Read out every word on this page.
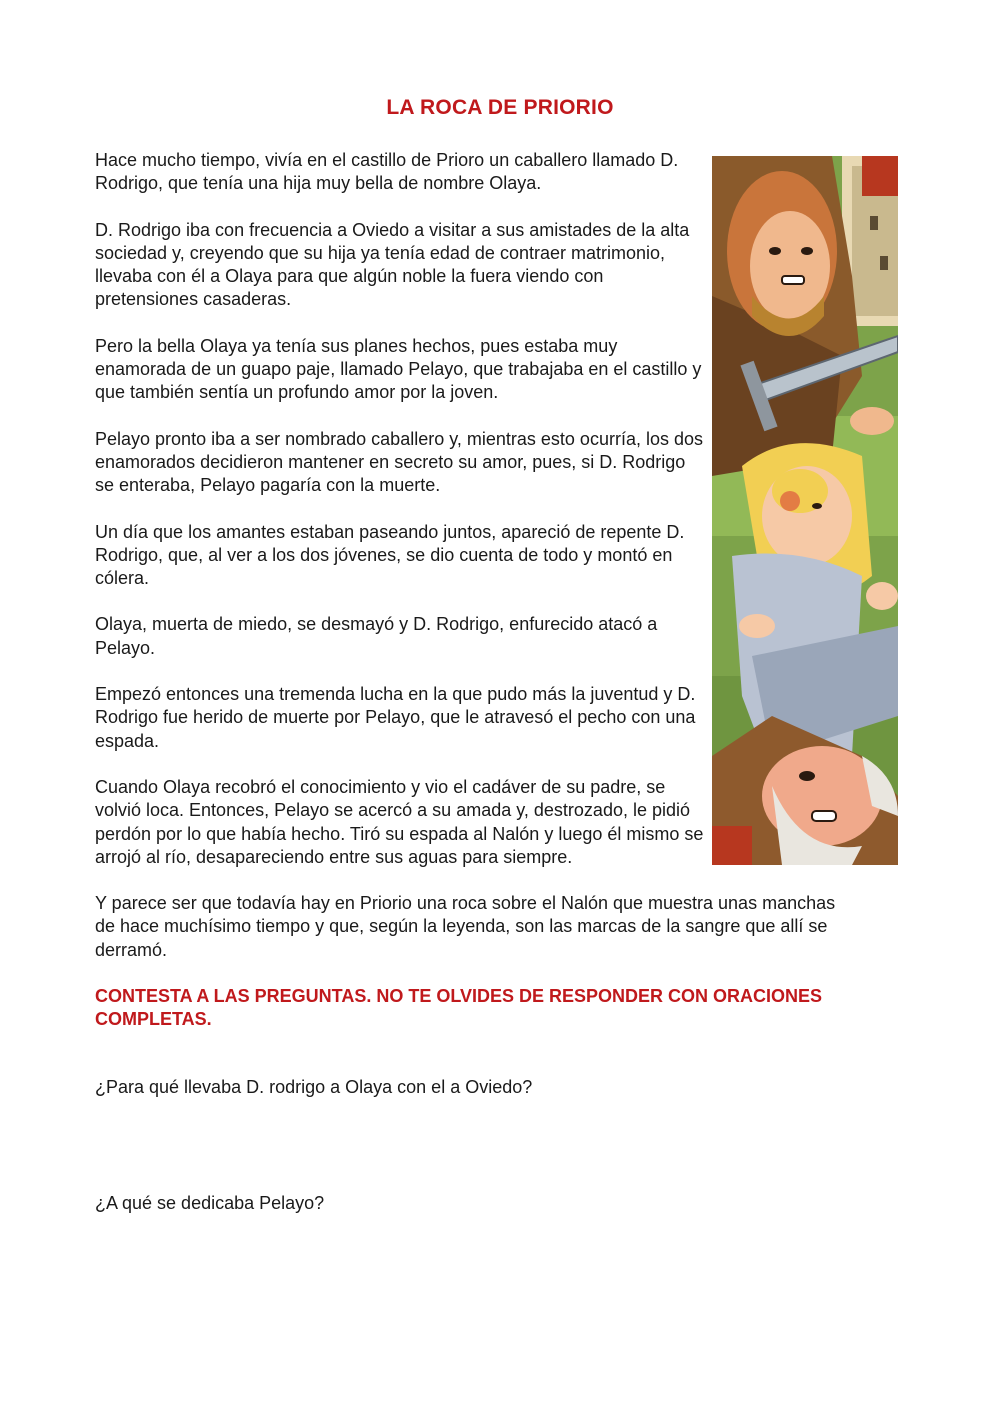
LA ROCA DE PRIORIO

Hace mucho tiempo, vivía en el castillo de Prioro un caballero llamado D. Rodrigo, que tenía una hija muy bella de nombre Olaya.

D. Rodrigo iba con frecuencia a Oviedo a visitar a sus amistades de la alta sociedad y, creyendo que su hija ya tenía edad de contraer matrimonio, llevaba con él a Olaya para que algún noble la fuera viendo con pretensiones casaderas.

Pero la bella Olaya ya tenía sus planes hechos, pues estaba muy enamorada de un guapo paje, llamado Pelayo, que trabajaba en el castillo y que también sentía un profundo amor por la joven.

Pelayo pronto iba a ser nombrado caballero y, mientras esto ocurría, los dos enamorados decidieron mantener en secreto su amor, pues, si D. Rodrigo se enteraba, Pelayo pagaría con la muerte.

Un día que los amantes estaban paseando juntos, apareció de repente D. Rodrigo, que, al ver a los dos jóvenes, se dio cuenta de todo y montó en cólera.

Olaya, muerta de miedo, se desmayó y D. Rodrigo, enfurecido atacó a Pelayo.

Empezó entonces una tremenda lucha en la que pudo más la juventud y D. Rodrigo fue herido de muerte por Pelayo, que le atravesó el pecho con una espada.

Cuando Olaya recobró el conocimiento y vio el cadáver de su padre, se volvió loca. Entonces, Pelayo se acercó a su amada y, destrozado, le pidió perdón por lo que había hecho. Tiró su espada al Nalón y luego él mismo se arrojó al río, desapareciendo entre sus aguas para siempre.

Y parece ser que todavía hay en Priorio una roca sobre el Nalón que muestra unas manchas de hace muchísimo tiempo y que, según la leyenda, son las marcas de la sangre que allí se derramó.

CONTESTA A LAS PREGUNTAS. NO TE OLVIDES DE RESPONDER CON ORACIONES COMPLETAS.

¿Para qué llevaba D. rodrigo a Olaya con el a Oviedo?

¿A qué se dedicaba Pelayo?
